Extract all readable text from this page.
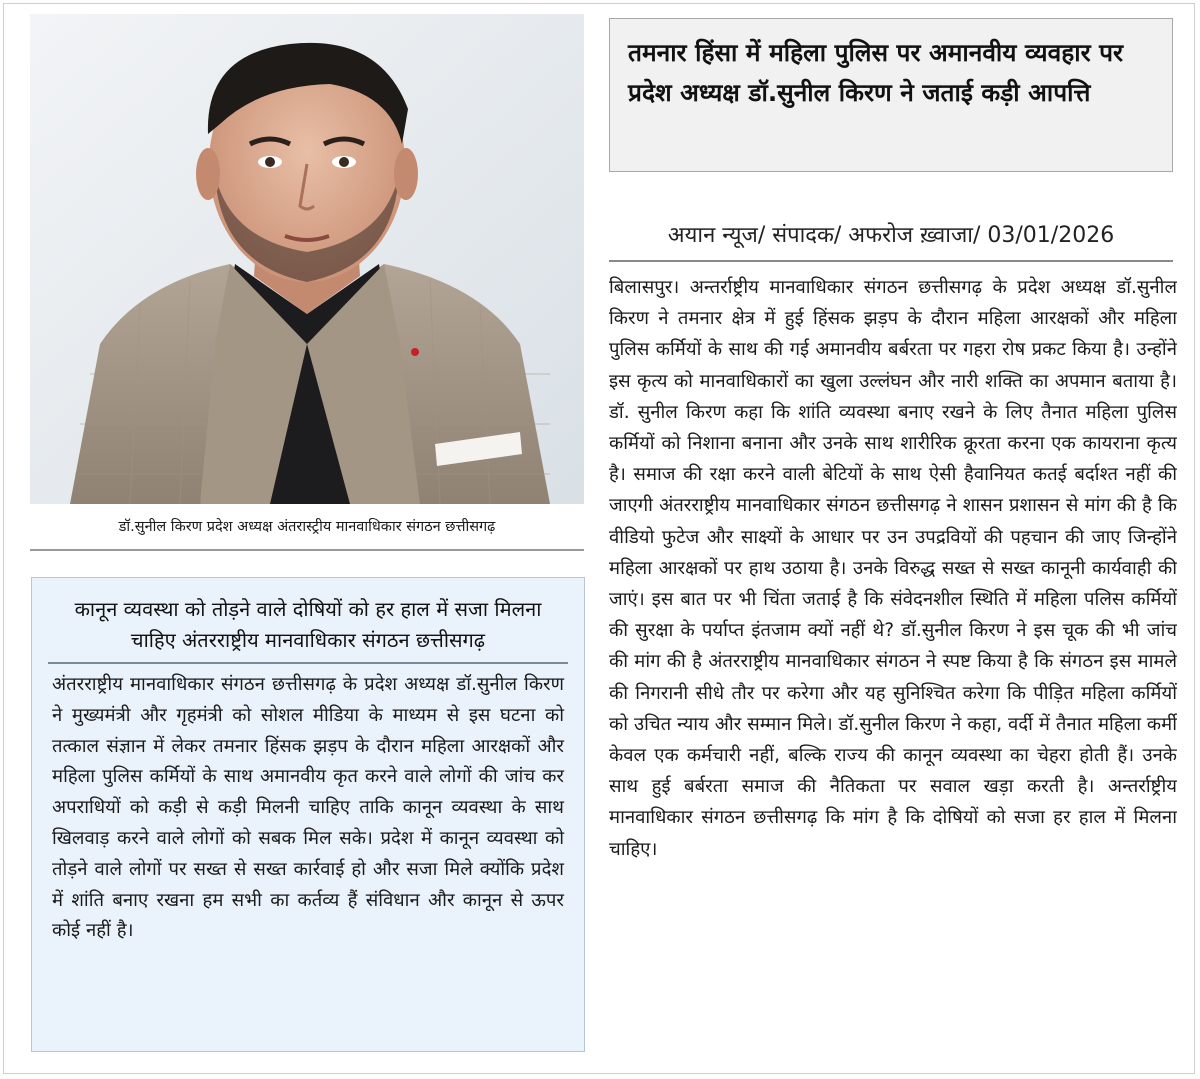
डॉ.सुनील किरण प्रदेश अध्यक्ष अंतरास्ट्रीय मानवाधिकार संगठन छत्तीसगढ़
कानून व्यवस्था को तोड़ने वाले दोषियों को हर हाल में सजा मिलना चाहिए अंतरराष्ट्रीय मानवाधिकार संगठन छत्तीसगढ़
अंतरराष्ट्रीय मानवाधिकार संगठन छत्तीसगढ़ के प्रदेश अध्यक्ष डॉ.सुनील किरण ने मुख्यमंत्री और गृहमंत्री को सोशल मीडिया के माध्यम से इस घटना को तत्काल संज्ञान में लेकर तमनार हिंसक झड़प के दौरान महिला आरक्षकों और महिला पुलिस कर्मियों के साथ अमानवीय कृत करने वाले लोगों की जांच कर अपराधियों को कड़ी से कड़ी मिलनी चाहिए ताकि कानून व्यवस्था के साथ खिलवाड़ करने वाले लोगों को सबक मिल सके। प्रदेश में कानून व्यवस्था को तोड़ने वाले लोगों पर सख्त से सख्त कार्रवाई हो और सजा मिले क्योंकि प्रदेश में शांति बनाए रखना हम सभी का कर्तव्य हैं संविधान और कानून से ऊपर कोई नहीं है।
तमनार हिंसा में महिला पुलिस पर अमानवीय व्यवहार पर प्रदेश अध्यक्ष डॉ.सुनील किरण ने जताई कड़ी आपत्ति
अयान न्यूज/ संपादक/ अफरोज ख़्वाजा/ 03/01/2026
बिलासपुर। अन्तर्राष्ट्रीय मानवाधिकार संगठन छत्तीसगढ़ के प्रदेश अध्यक्ष डॉ.सुनील किरण ने तमनार क्षेत्र में हुई हिंसक झड़प के दौरान महिला आरक्षकों और महिला पुलिस कर्मियों के साथ की गई अमानवीय बर्बरता पर गहरा रोष प्रकट किया है। उन्होंने इस कृत्य को मानवाधिकारों का खुला उल्लंघन और नारी शक्ति का अपमान बताया है। डॉ. सुनील किरण कहा कि शांति व्यवस्था बनाए रखने के लिए तैनात महिला पुलिस कर्मियों को निशाना बनाना और उनके साथ शारीरिक क्रूरता करना एक कायराना कृत्य है। समाज की रक्षा करने वाली बेटियों के साथ ऐसी हैवानियत कतई बर्दाश्त नहीं की जाएगी अंतरराष्ट्रीय मानवाधिकार संगठन छत्तीसगढ़ ने शासन प्रशासन से मांग की है कि वीडियो फुटेज और साक्ष्यों के आधार पर उन उपद्रवियों की पहचान की जाए जिन्होंने महिला आरक्षकों पर हाथ उठाया है। उनके विरुद्ध सख्त से सख्त कानूनी कार्यवाही की जाएं। इस बात पर भी चिंता जताई है कि संवेदनशील स्थिति में महिला पलिस कर्मियों की सुरक्षा के पर्याप्त इंतजाम क्यों नहीं थे? डॉ.सुनील किरण ने इस चूक की भी जांच की मांग की है अंतरराष्ट्रीय मानवाधिकार संगठन ने स्पष्ट किया है कि संगठन इस मामले की निगरानी सीधे तौर पर करेगा और यह सुनिश्चित करेगा कि पीड़ित महिला कर्मियों को उचित न्याय और सम्मान मिले। डॉ.सुनील किरण ने कहा, वर्दी में तैनात महिला कर्मी केवल एक कर्मचारी नहीं, बल्कि राज्य की कानून व्यवस्था का चेहरा होती हैं। उनके साथ हुई बर्बरता समाज की नैतिकता पर सवाल खड़ा करती है। अन्तर्राष्ट्रीय मानवाधिकार संगठन छत्तीसगढ़ कि मांग है कि दोषियों को सजा हर हाल में मिलना चाहिए।
